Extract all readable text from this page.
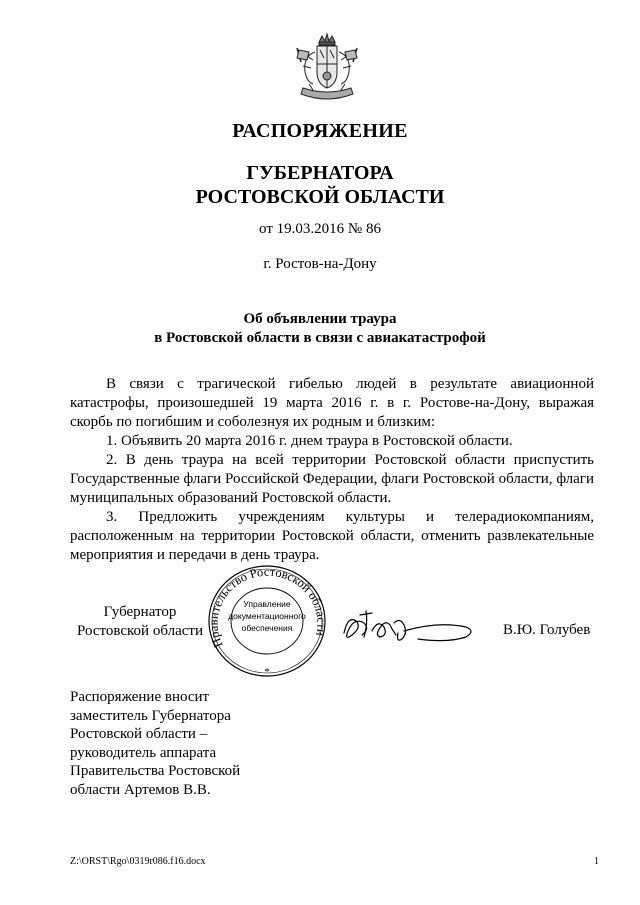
РАСПОРЯЖЕНИЕ
ГУБЕРНАТОРА
РОСТОВСКОЙ ОБЛАСТИ
от 19.03.2016 № 86
г. Ростов-на-Дону
Об объявлении траура
в Ростовской области в связи с авиакатастрофой

В связи с трагической гибелью людей в результате авиационной катастрофы, произошедшей 19 марта 2016 г. в г. Ростове-на-Дону, выражая скорбь по погибшим и соболезнуя их родным и близким:

1. Объявить 20 марта 2016 г. днем траура в Ростовской области.

2. В день траура на всей территории Ростовской области приспустить Государственные флаги Российской Федерации, флаги Ростовской области, флаги муниципальных образований Ростовской области.

3. Предложить учреждениям культуры и телерадиокомпаниям, расположенным на территории Ростовской области, отменить развлекательные мероприятия и передачи в день траура.

Губернатор
Ростовской области
Правительство Ростовской области
Управление
документационного
обеспечения
*
В.Ю. Голубев
Распоряжение вносит
заместитель Губернатора
Ростовской области –
руководитель аппарата
Правительства Ростовской
области Артемов В.В.
Z:\ORST\Rgo\0319r086.f16.docx	1
